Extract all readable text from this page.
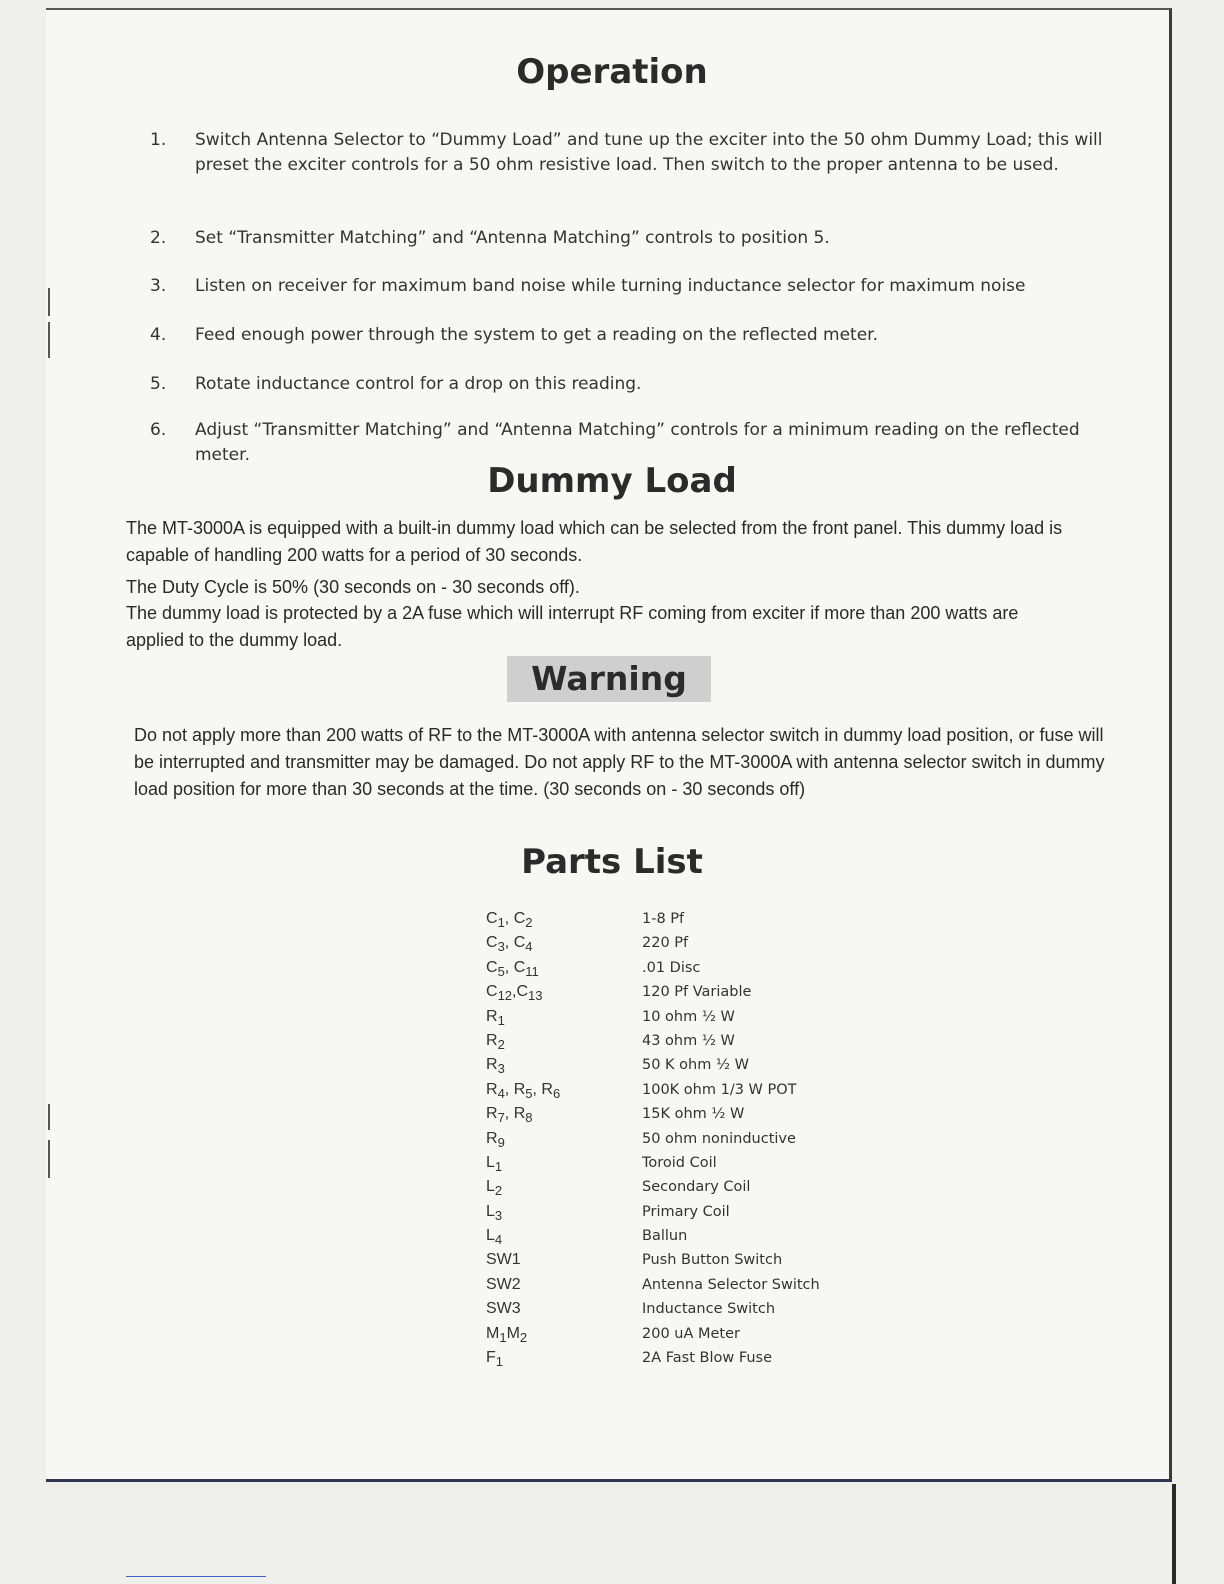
Operation
1. Switch Antenna Selector to “Dummy Load” and tune up the exciter into the 50 ohm Dummy Load; this will preset the exciter controls for a 50 ohm resistive load. Then switch to the proper antenna to be used.
2. Set “Transmitter Matching” and “Antenna Matching” controls to position 5.
3. Listen on receiver for maximum band noise while turning inductance selector for maximum noise
4. Feed enough power through the system to get a reading on the reflected meter.
5. Rotate inductance control for a drop on this reading.
6. Adjust “Transmitter Matching” and “Antenna Matching” controls for a minimum reading on the reflected meter.
Dummy Load
The MT-3000A is equipped with a built-in dummy load which can be selected from the front panel. This dummy load is capable of handling 200 watts for a period of 30 seconds.
The Duty Cycle is 50% (30 seconds on - 30 seconds off).
The dummy load is protected by a 2A fuse which will interrupt RF coming from exciter if more than 200 watts are applied to the dummy load.
Warning
Do not apply more than 200 watts of RF to the MT-3000A with antenna selector switch in dummy load position, or fuse will be interrupted and transmitter may be damaged. Do not apply RF to the MT-3000A with antenna selector switch in dummy load position for more than 30 seconds at the time. (30 seconds on - 30 seconds off)
Parts List
$C_1$, $C_2$	1-8 Pf
$C_3$, $C_4$	220 Pf
$C_5$, $C_{11}$	.01 Disc
$C_{12},C_{13}$	120 Pf Variable
$R_1$	10 ohm ½ W
$R_2$	43 ohm ½ W
$R_3$	50 K ohm ½ W
$R_4$, $R_5$, $R_6$	100K ohm 1/3 W POT
$R_7$, $R_8$	15K ohm ½ W
$R_9$	50 ohm noninductive
$L_1$	Toroid Coil
$L_2$	Secondary Coil
$L_3$	Primary Coil
$L_4$	Ballun
SW1	Push Button Switch
SW2	Antenna Selector Switch
SW3	Inductance Switch
$M_1M_2$	200 uA Meter
$F_1$	2A Fast Blow Fuse
